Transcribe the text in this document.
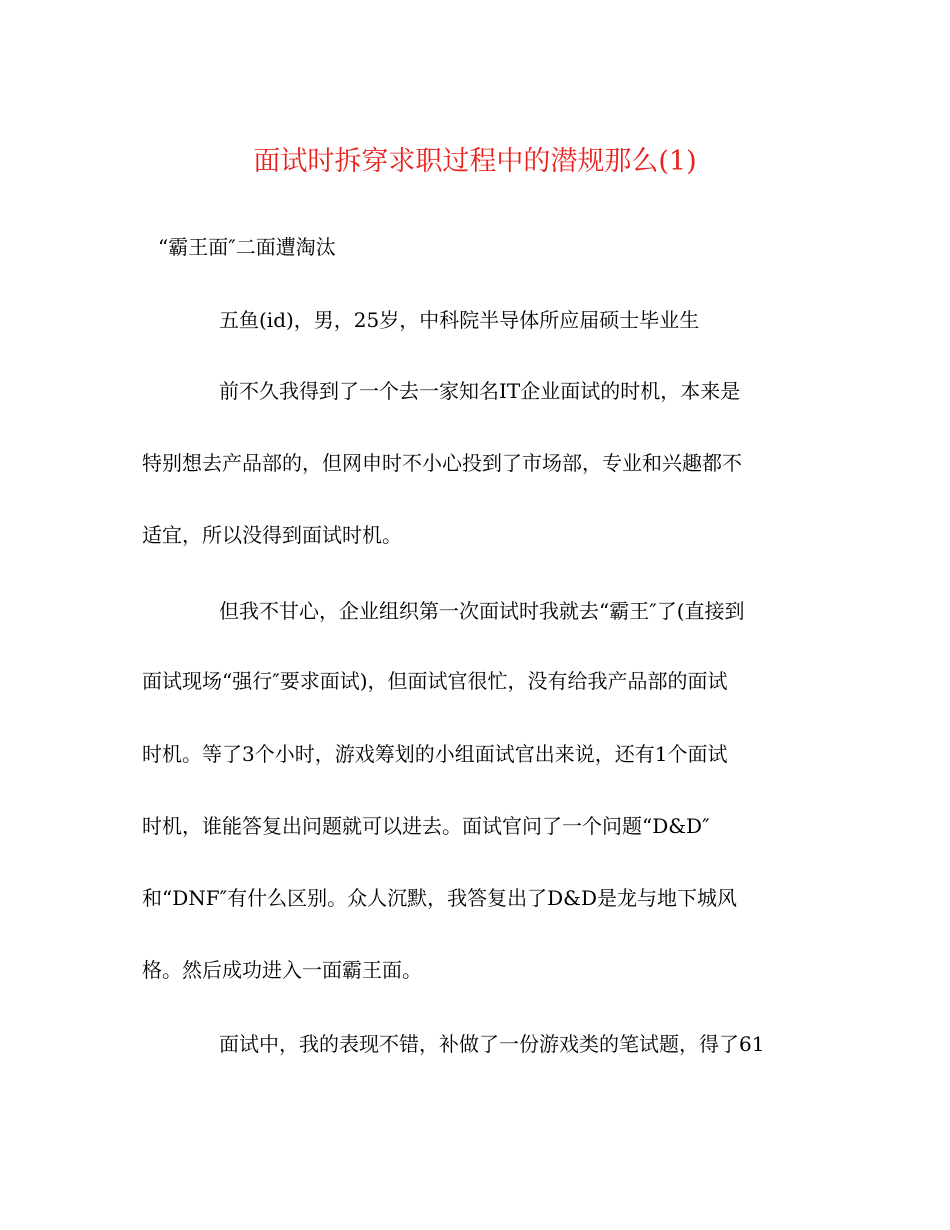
面试时拆穿求职过程中的潜规那么(1)
“霸王面″二面遭淘汰
五鱼(id)，男，25岁，中科院半导体所应届硕士毕业生
前不久我得到了一个去一家知名IT企业面试的时机，本来是
特别想去产品部的，但网申时不小心投到了市场部，专业和兴趣都不
适宜，所以没得到面试时机。
但我不甘心，企业组织第一次面试时我就去“霸王″了(直接到
面试现场“强行″要求面试)，但面试官很忙，没有给我产品部的面试
时机。等了3个小时，游戏筹划的小组面试官出来说，还有1个面试
时机，谁能答复出问题就可以进去。面试官问了一个问题“D&D″
和“DNF″有什么区别。众人沉默，我答复出了D&D是龙与地下城风
格。然后成功进入一面霸王面。
面试中，我的表现不错，补做了一份游戏类的笔试题，得了61
